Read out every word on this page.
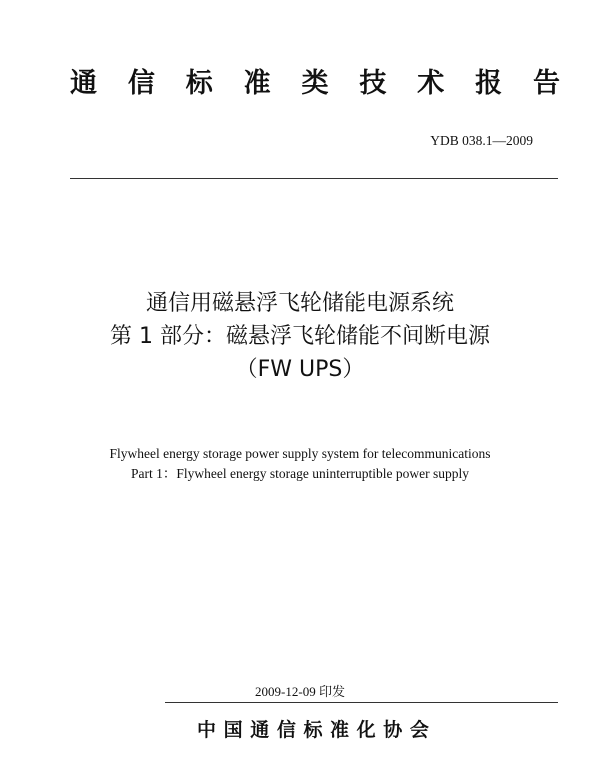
通 信 标 准 类 技 术 报 告
YDB 038.1—2009
通信用磁悬浮飞轮储能电源系统
第 1 部分：磁悬浮飞轮储能不间断电源
（FW UPS）
Flywheel energy storage power supply system for telecommunications
Part 1：Flywheel energy storage uninterruptible power supply
2009-12-09 印发
中 国 通 信 标 准 化 协 会
